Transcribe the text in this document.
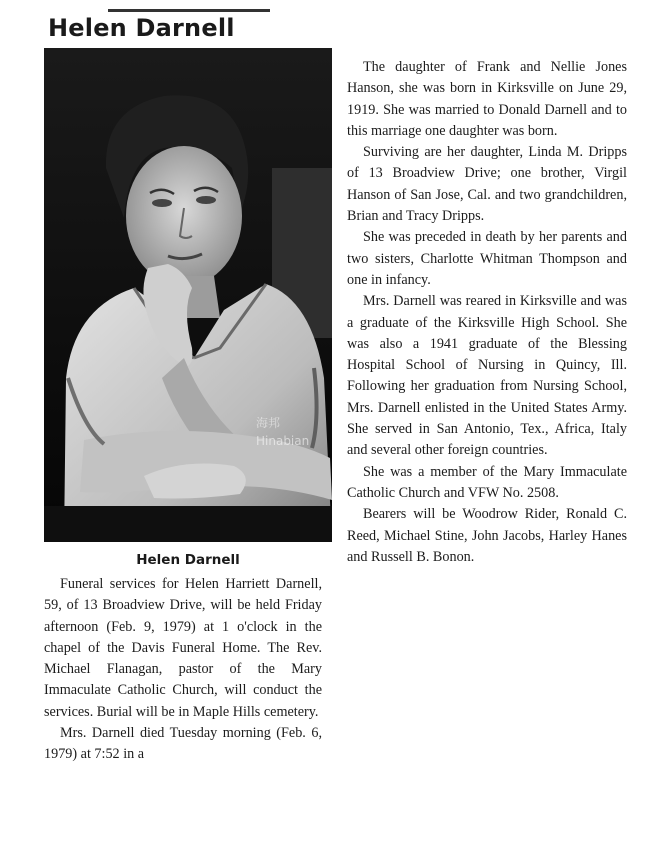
Helen Darnell
海邦
Hinabian

Helen Darnell

Funeral services for Helen Harriett Darnell, 59, of 13 Broadview Drive, will be held Friday afternoon (Feb. 9, 1979) at 1 o'clock in the chapel of the Davis Funeral Home. The Rev. Michael Flanagan, pastor of the Mary Immaculate Catholic Church, will conduct the services. Burial will be in Maple Hills cemetery.

Mrs. Darnell died Tuesday morning (Feb. 6, 1979) at 7:52 in a

The daughter of Frank and Nellie Jones Hanson, she was born in Kirksville on June 29, 1919. She was married to Donald Darnell and to this marriage one daughter was born.

Surviving are her daughter, Linda M. Dripps of 13 Broadview Drive; one brother, Virgil Hanson of San Jose, Cal. and two grandchildren, Brian and Tracy Dripps.

She was preceded in death by her parents and two sisters, Charlotte Whitman Thompson and one in infancy.

Mrs. Darnell was reared in Kirksville and was a graduate of the Kirksville High School. She was also a 1941 graduate of the Blessing Hospital School of Nursing in Quincy, Ill. Following her graduation from Nursing School, Mrs. Darnell enlisted in the United States Army. She served in San Antonio, Tex., Africa, Italy and several other foreign countries.

She was a member of the Mary Immaculate Catholic Church and VFW No. 2508.

Bearers will be Woodrow Rider, Ronald C. Reed, Michael Stine, John Jacobs, Harley Hanes and Russell B. Bonon.
